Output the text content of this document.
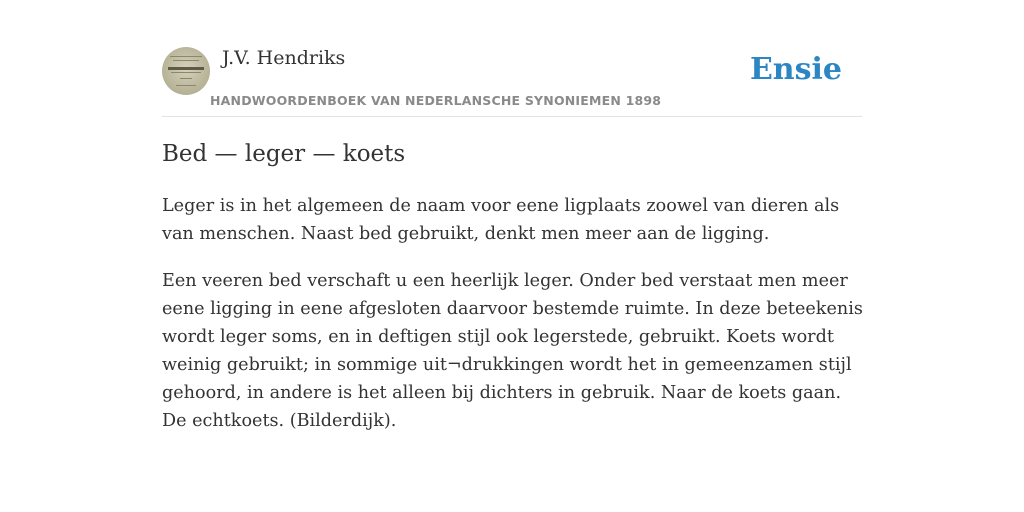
J.V. Hendriks
HANDWOORDENBOEK VAN NEDERLANSCHE SYNONIEMEN 1898
Ensie
Bed — leger — koets

Leger is in het algemeen de naam voor eene ligplaats zoowel van dieren als van menschen. Naast bed gebruikt, denkt men meer aan de ligging.

Een veeren bed verschaft u een heerlijk leger. Onder bed verstaat men meer eene ligging in eene afgesloten daarvoor bestemde ruimte. In deze beteekenis wordt leger soms, en in deftigen stijl ook legerstede, gebruikt. Koets wordt weinig gebruikt; in sommige uit¬drukkingen wordt het in gemeenzamen stijl gehoord, in andere is het alleen bij dichters in gebruik. Naar de koets gaan. De echtkoets. (Bilderdijk).
